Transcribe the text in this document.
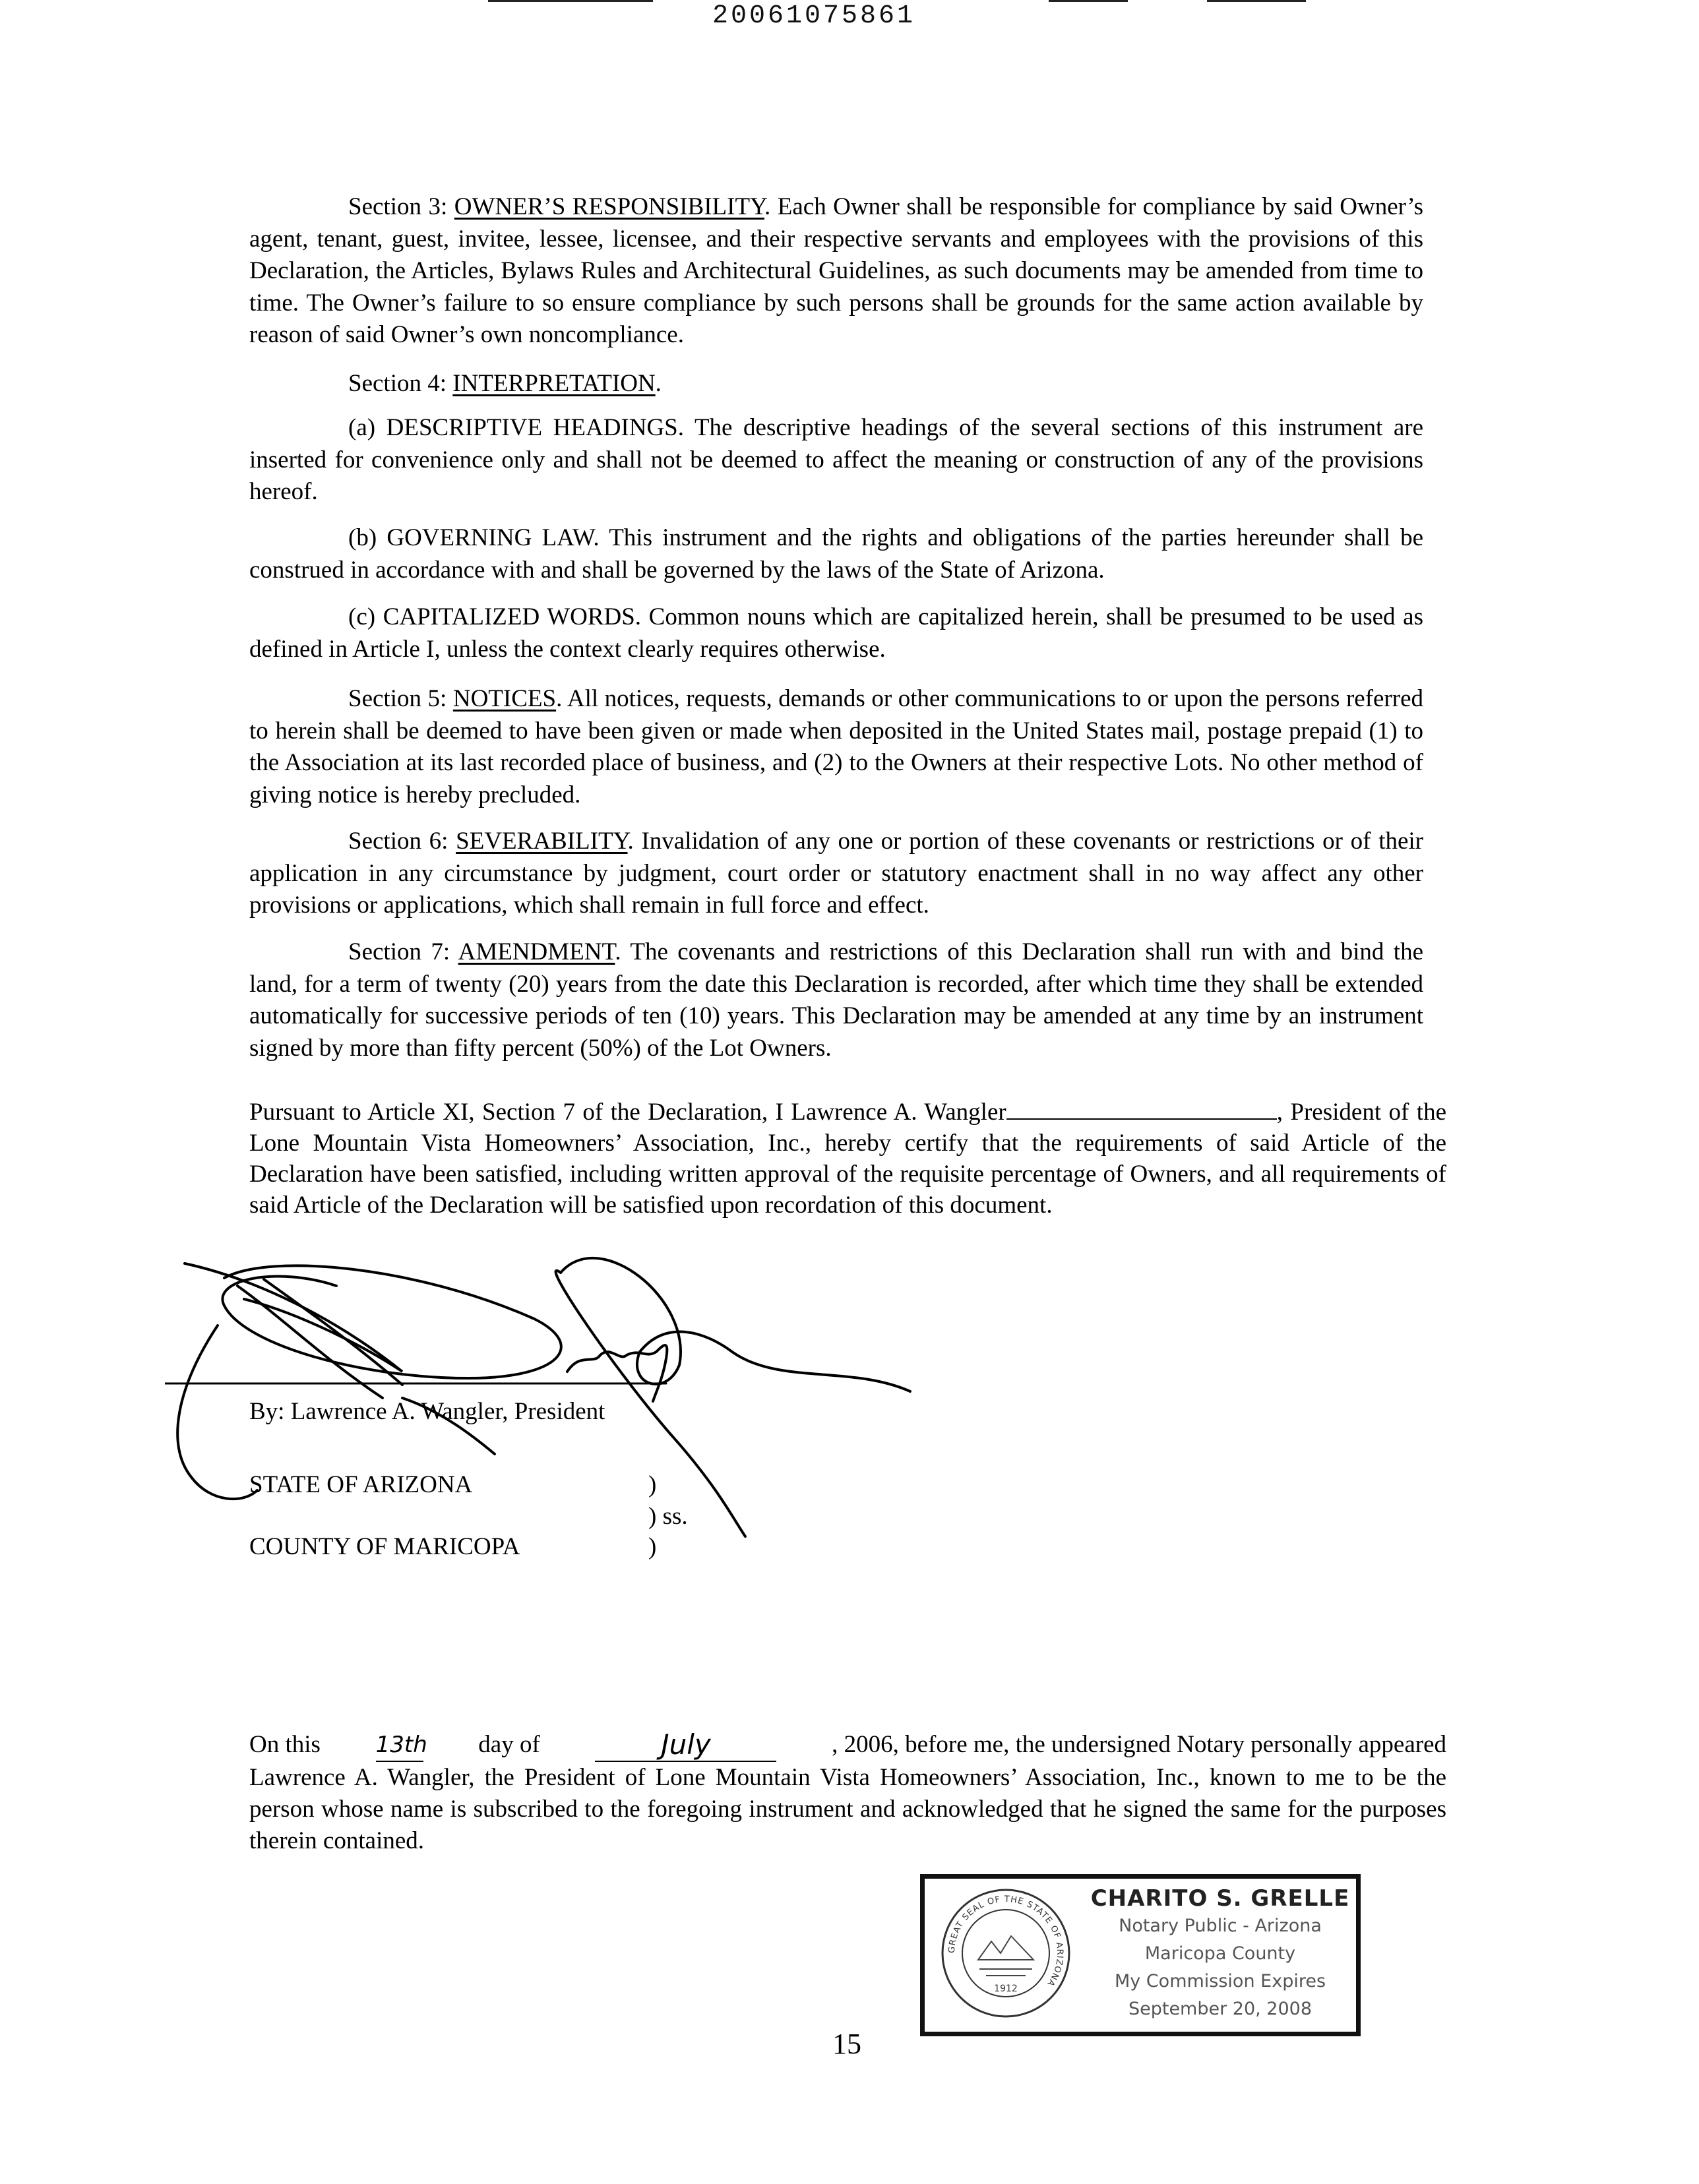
20061075861

Section 3: OWNER’S RESPONSIBILITY. Each Owner shall be responsible for compliance by said Owner’s agent, tenant, guest, invitee, lessee, licensee, and their respective servants and employees with the provisions of this Declaration, the Articles, Bylaws Rules and Architectural Guidelines, as such documents may be amended from time to time. The Owner’s failure to so ensure compliance by such persons shall be grounds for the same action available by reason of said Owner’s own noncompliance.

Section 4: INTERPRETATION.

(a) DESCRIPTIVE HEADINGS. The descriptive headings of the several sections of this instrument are inserted for convenience only and shall not be deemed to affect the meaning or construction of any of the provisions hereof.

(b) GOVERNING LAW. This instrument and the rights and obligations of the parties hereunder shall be construed in accordance with and shall be governed by the laws of the State of Arizona.

(c) CAPITALIZED WORDS. Common nouns which are capitalized herein, shall be presumed to be used as defined in Article I, unless the context clearly requires otherwise.

Section 5: NOTICES. All notices, requests, demands or other communications to or upon the persons referred to herein shall be deemed to have been given or made when deposited in the United States mail, postage prepaid (1) to the Association at its last recorded place of business, and (2) to the Owners at their respective Lots. No other method of giving notice is hereby precluded.

Section 6: SEVERABILITY. Invalidation of any one or portion of these covenants or restrictions or of their application in any circumstance by judgment, court order or statutory enactment shall in no way affect any other provisions or applications, which shall remain in full force and effect.

Section 7: AMENDMENT. The covenants and restrictions of this Declaration shall run with and bind the land, for a term of twenty (20) years from the date this Declaration is recorded, after which time they shall be extended automatically for successive periods of ten (10) years. This Declaration may be amended at any time by an instrument signed by more than fifty percent (50%) of the Lot Owners.

Pursuant to Article XI, Section 7 of the Declaration, I Lawrence A. Wangler	, President of the Lone Mountain Vista Homeowners’ Association, Inc., hereby certify that the requirements of said Article of the Declaration have been satisfied, including written approval of the requisite percentage of Owners, and all requirements of said Article of the Declaration will be satisfied upon recordation of this document.

By: Lawrence A. Wangler, President
STATE OF ARIZONA	)
) ss.
COUNTY OF MARICOPA	)
On this 13th day of	July	, 2006, before me, the undersigned Notary personally appeared
Lawrence A. Wangler, the President of Lone Mountain Vista Homeowners’ Association, Inc., known to me to be the person whose name is subscribed to the foregoing instrument and acknowledged that he signed the same for the purposes therein contained.
GREAT SEAL OF THE STATE OF ARIZONA
1912
CHARITO S. GRELLE
Notary Public - Arizona
Maricopa County
My Commission Expires
September 20, 2008
15
